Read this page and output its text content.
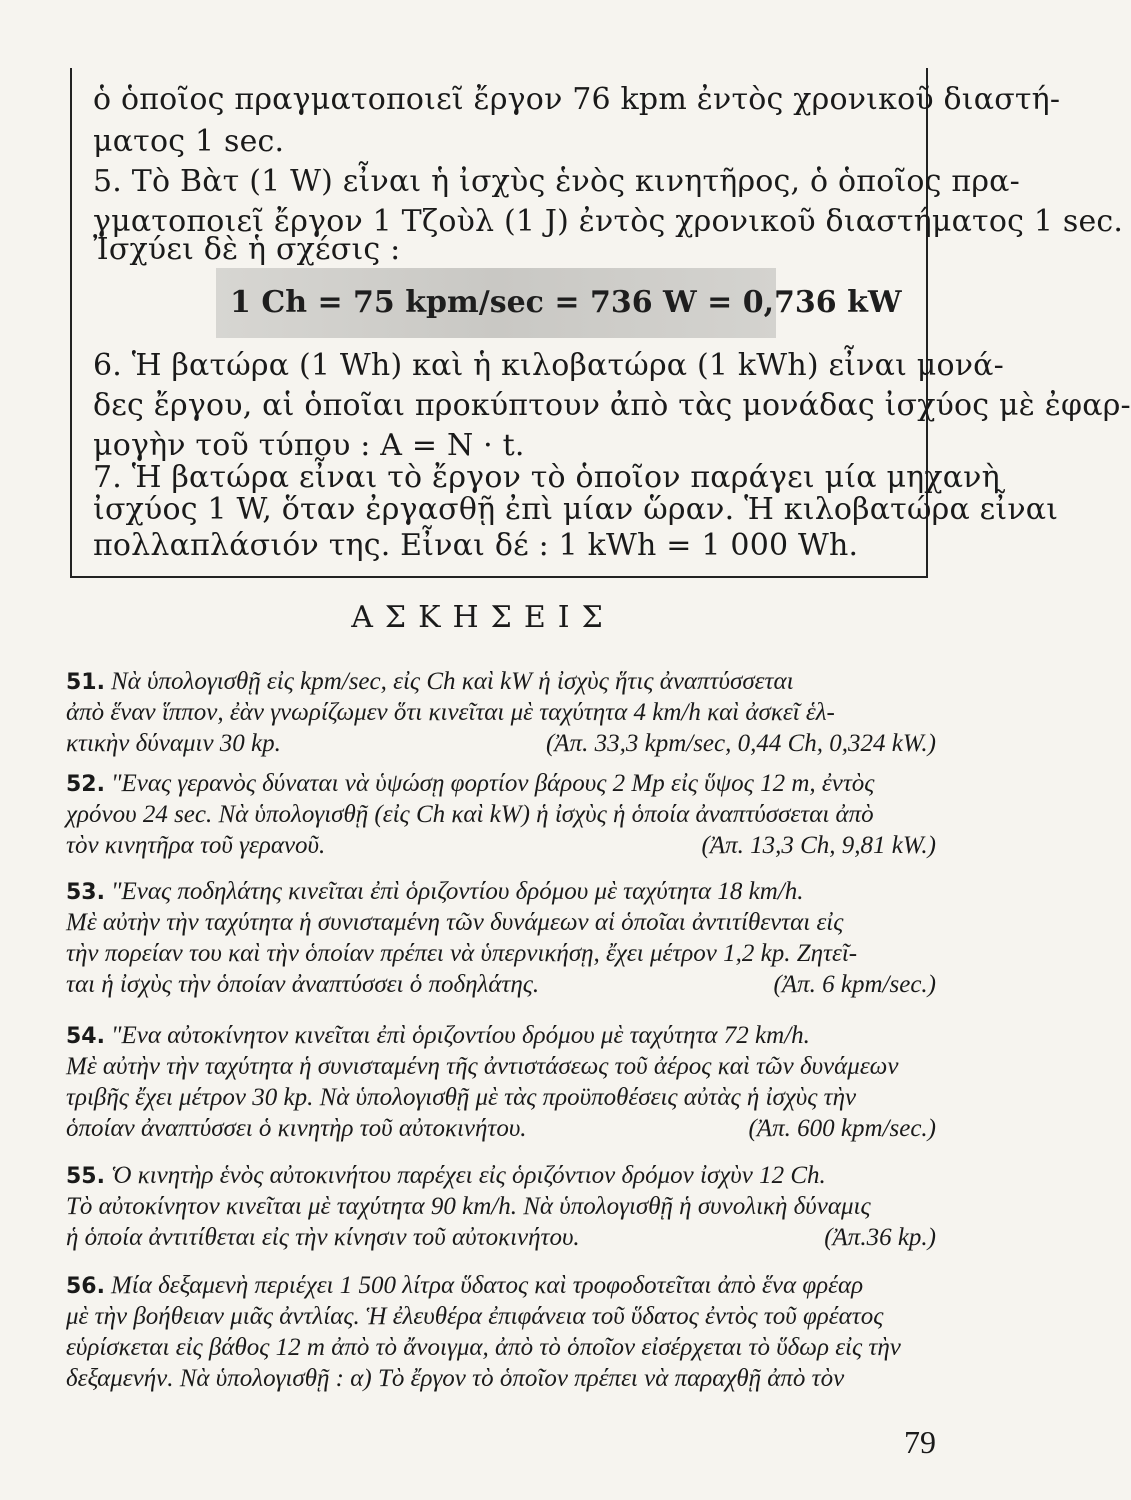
ὁ ὁποῖος πραγματοποιεῖ ἔργον 76 kpm ἐντὸς χρονικοῦ διαστή-
ματος 1 sec.
5. Τὸ Βὰτ (1 W) εἶναι ἡ ἰσχὺς ἑνὸς κινητῆρος, ὁ ὁποῖος πρα-
γματοποιεῖ ἔργον 1 Τζοὺλ (1 J) ἐντὸς χρονικοῦ διαστήματος 1 sec.
Ἰσχύει δὲ ἡ σχέσις :
1 Ch = 75 kpm/sec = 736 W = 0,736 kW
6. Ἡ βατώρα (1 Wh) καὶ ἡ κιλοβατώρα (1 kWh) εἶναι μονά-
δες ἔργου, αἱ ὁποῖαι προκύπτουν ἀπὸ τὰς μονάδας ἰσχύος μὲ ἐφαρ-
μογὴν τοῦ τύπου : A = N · t.
7. Ἡ βατώρα εἶναι τὸ ἔργον τὸ ὁποῖον παράγει μία μηχανὴ
ἰσχύος 1 W, ὅταν ἐργασθῇ ἐπὶ μίαν ὥραν. Ἡ κιλοβατώρα εἶναι
πολλαπλάσιόν της. Εἶναι δέ : 1 kWh = 1 000 Wh.
ΑΣΚΗΣΕΙΣ
51. Νὰ ὑπολογισθῇ εἰς kpm/sec, εἰς Ch καὶ kW ἡ ἰσχὺς ἥτις ἀναπτύσσεται
ἀπὸ ἕναν ἵππον, ἐὰν γνωρίζωμεν ὅτι κινεῖται μὲ ταχύτητα 4 km/h καὶ ἀσκεῖ ἑλ-
κτικὴν δύναμιν 30 kp.	(Ἀπ. 33,3 kpm/sec, 0,44 Ch, 0,324 kW.)
52. "Ενας γερανὸς δύναται νὰ ὑψώσῃ φορτίον βάρους 2 Mp εἰς ὕψος 12 m, ἐντὸς
χρόνου 24 sec. Νὰ ὑπολογισθῇ (εἰς Ch καὶ kW) ἡ ἰσχὺς ἡ ὁποία ἀναπτύσσεται ἀπὸ
τὸν κινητῆρα τοῦ γερανοῦ.	(Ἀπ. 13,3 Ch, 9,81 kW.)
53. "Ενας ποδηλάτης κινεῖται ἐπὶ ὁριζοντίου δρόμου μὲ ταχύτητα 18 km/h.
Μὲ αὐτὴν τὴν ταχύτητα ἡ συνισταμένη τῶν δυνάμεων αἱ ὁποῖαι ἀντιτίθενται εἰς
τὴν πορείαν του καὶ τὴν ὁποίαν πρέπει νὰ ὑπερνικήσῃ, ἔχει μέτρον 1,2 kp. Ζητεῖ-
ται ἡ ἰσχὺς τὴν ὁποίαν ἀναπτύσσει ὁ ποδηλάτης.	(Ἀπ. 6 kpm/sec.)
54. "Ενα αὐτοκίνητον κινεῖται ἐπὶ ὁριζοντίου δρόμου μὲ ταχύτητα 72 km/h.
Μὲ αὐτὴν τὴν ταχύτητα ἡ συνισταμένη τῆς ἀντιστάσεως τοῦ ἀέρος καὶ τῶν δυνάμεων
τριβῆς ἔχει μέτρον 30 kp. Νὰ ὑπολογισθῇ μὲ τὰς προϋποθέσεις αὐτὰς ἡ ἰσχὺς τὴν
ὁποίαν ἀναπτύσσει ὁ κινητὴρ τοῦ αὐτοκινήτου.	(Ἀπ. 600 kpm/sec.)
55. Ὁ κινητὴρ ἑνὸς αὐτοκινήτου παρέχει εἰς ὁριζόντιον δρόμον ἰσχὺν 12 Ch.
Τὸ αὐτοκίνητον κινεῖται μὲ ταχύτητα 90 km/h. Νὰ ὑπολογισθῇ ἡ συνολικὴ δύναμις
ἡ ὁποία ἀντιτίθεται εἰς τὴν κίνησιν τοῦ αὐτοκινήτου.	(Ἀπ.36 kp.)
56. Μία δεξαμενὴ περιέχει 1 500 λίτρα ὕδατος καὶ τροφοδοτεῖται ἀπὸ ἕνα φρέαρ
μὲ τὴν βοήθειαν μιᾶς ἀντλίας. Ἡ ἐλευθέρα ἐπιφάνεια τοῦ ὕδατος ἐντὸς τοῦ φρέατος
εὑρίσκεται εἰς βάθος 12 m ἀπὸ τὸ ἄνοιγμα, ἀπὸ τὸ ὁποῖον εἰσέρχεται τὸ ὕδωρ εἰς τὴν
δεξαμενήν. Νὰ ὑπολογισθῇ : α) Τὸ ἔργον τὸ ὁποῖον πρέπει νὰ παραχθῇ ἀπὸ τὸν
79
